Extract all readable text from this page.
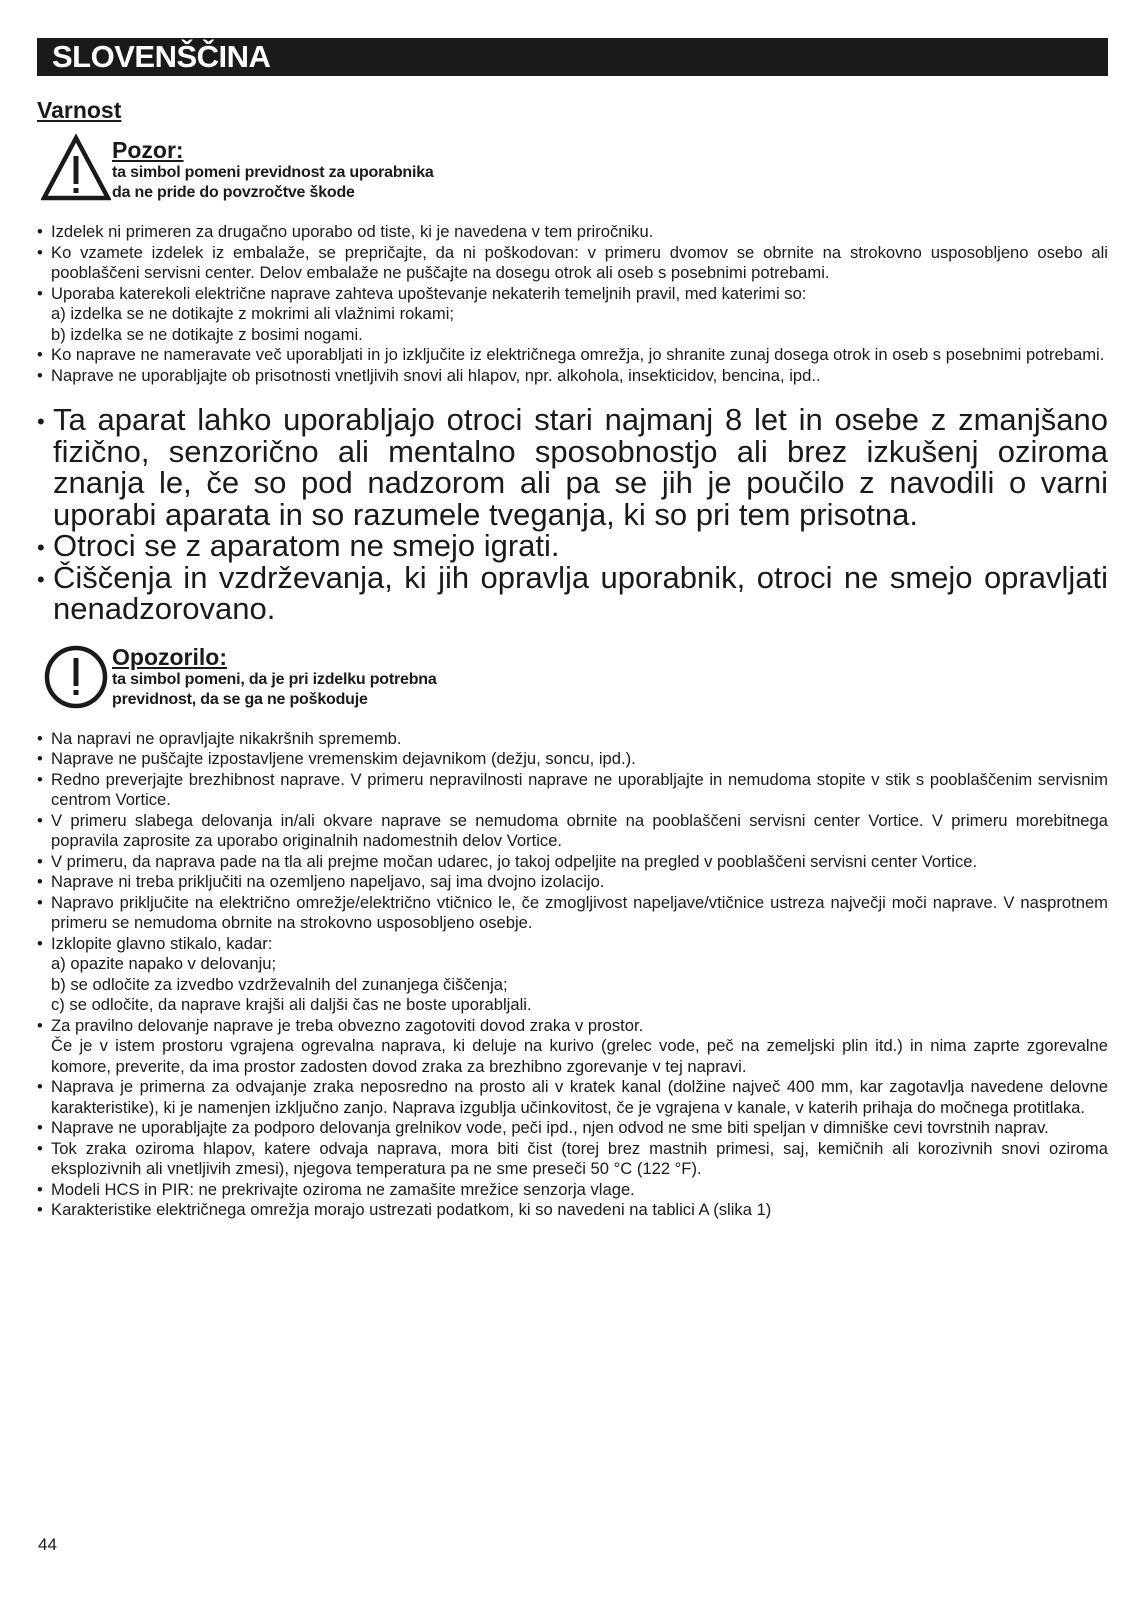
SLOVENŠČINA
Varnost
Pozor:
ta simbol pomeni previdnost za uporabnika
da ne pride do povzročtve škode
• Izdelek ni primeren za drugačno uporabo od tiste, ki je navedena v tem priročniku.
• Ko vzamete izdelek iz embalaže, se prepričajte, da ni poškodovan: v primeru dvomov se obrnite na strokovno usposobljeno osebo ali pooblaščeni servisni center. Delov embalaže ne puščajte na dosegu otrok ali oseb s posebnimi potrebami.
• Uporaba katerekoli električne naprave zahteva upoštevanje nekaterih temeljnih pravil, med katerimi so:
a) izdelka se ne dotikajte z mokrimi ali vlažnimi rokami;
b) izdelka se ne dotikajte z bosimi nogami.
• Ko naprave ne nameravate več uporabljati in jo izključite iz električnega omrežja, jo shranite zunaj dosega otrok in oseb s posebnimi potrebami.
• Naprave ne uporabljajte ob prisotnosti vnetljivih snovi ali hlapov, npr. alkohola, insekticidov, bencina, ipd..
• Ta aparat lahko uporabljajo otroci stari najmanj 8 let in osebe z zmanjšano fizično, senzorično ali mentalno sposobnostjo ali brez izkušenj oziroma znanja le, če so pod nadzorom ali pa se jih je poučilo z navodili o varni uporabi aparata in so razumele tveganja, ki so pri tem prisotna.
• Otroci se z aparatom ne smejo igrati.
• Čiščenja in vzdrževanja, ki jih opravlja uporabnik, otroci ne smejo opravljati nenadzorovano.
Opozorilo:
ta simbol pomeni, da je pri izdelku potrebna
previdnost, da se ga ne poškoduje
• Na napravi ne opravljajte nikakršnih sprememb.
• Naprave ne puščajte izpostavljene vremenskim dejavnikom (dežju, soncu, ipd.).
• Redno preverjajte brezhibnost naprave. V primeru nepravilnosti naprave ne uporabljajte in nemudoma stopite v stik s pooblaščenim servisnim centrom Vortice.
• V primeru slabega delovanja in/ali okvare naprave se nemudoma obrnite na pooblaščeni servisni center Vortice. V primeru morebitnega popravila zaprosite za uporabo originalnih nadomestnih delov Vortice.
• V primeru, da naprava pade na tla ali prejme močan udarec, jo takoj odpeljite na pregled v pooblaščeni servisni center Vortice.
• Naprave ni treba priključiti na ozemljeno napeljavo, saj ima dvojno izolacijo.
• Napravo priključite na električno omrežje/električno vtičnico le, če zmogljivost napeljave/vtičnice ustreza največji moči naprave. V nasprotnem primeru se nemudoma obrnite na strokovno usposobljeno osebje.
• Izklopite glavno stikalo, kadar:
a) opazite napako v delovanju;
b) se odločite za izvedbo vzdrževalnih del zunanjega čiščenja;
c) se odločite, da naprave krajši ali daljši čas ne boste uporabljali.
• Za pravilno delovanje naprave je treba obvezno zagotoviti dovod zraka v prostor.
Če je v istem prostoru vgrajena ogrevalna naprava, ki deluje na kurivo (grelec vode, peč na zemeljski plin itd.) in nima zaprte zgorevalne komore, preverite, da ima prostor zadosten dovod zraka za brezhibno zgorevanje v tej napravi.
• Naprava je primerna za odvajanje zraka neposredno na prosto ali v kratek kanal (dolžine največ 400 mm, kar zagotavlja navedene delovne karakteristike), ki je namenjen izključno zanjo. Naprava izgublja učinkovitost, če je vgrajena v kanale, v katerih prihaja do močnega protitlaka.
• Naprave ne uporabljajte za podporo delovanja grelnikov vode, peči ipd., njen odvod ne sme biti speljan v dimniške cevi tovrstnih naprav.
• Tok zraka oziroma hlapov, katere odvaja naprava, mora biti čist (torej brez mastnih primesi, saj, kemičnih ali korozivnih snovi oziroma eksplozivnih ali vnetljivih zmesi), njegova temperatura pa ne sme preseči 50 °C (122 °F).
• Modeli HCS in PIR: ne prekrivajte oziroma ne zamašite mrežice senzorja vlage.
• Karakteristike električnega omrežja morajo ustrezati podatkom, ki so navedeni na tablici A (slika 1)
44
